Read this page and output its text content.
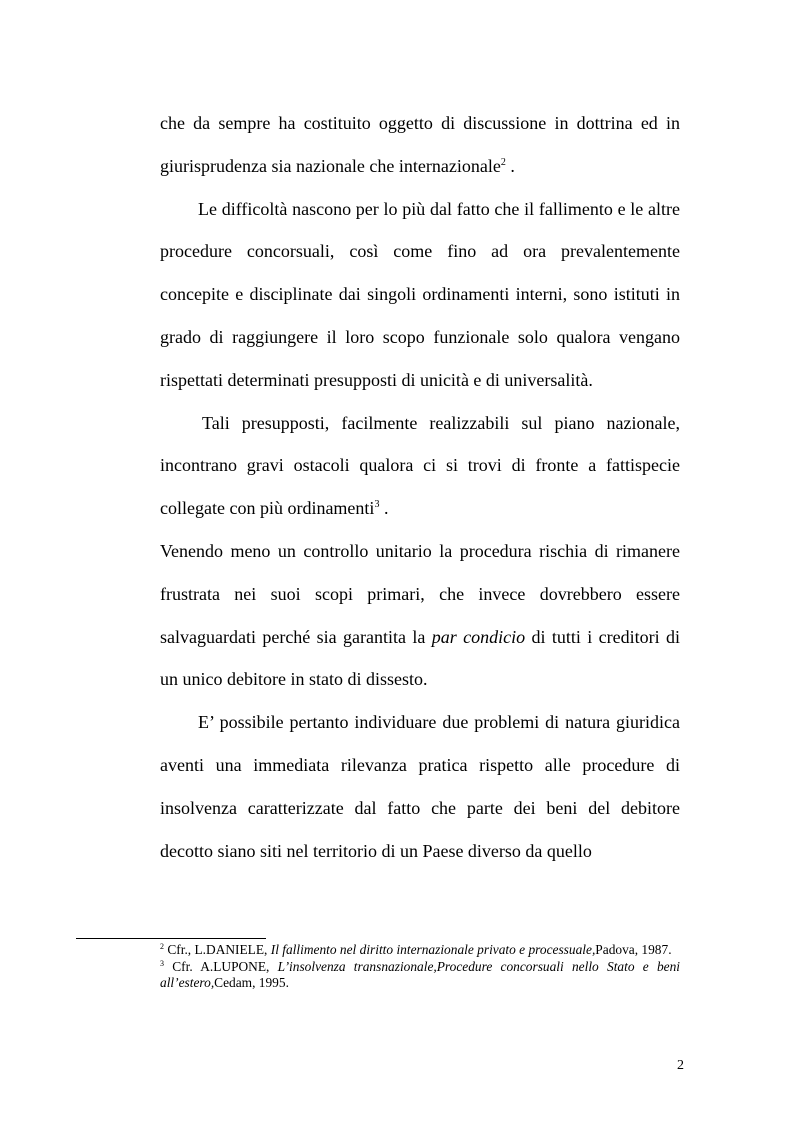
che da sempre ha costituito oggetto di discussione in dottrina ed in giurisprudenza sia nazionale che internazionale$^2$ .

Le difficoltà nascono per lo più dal fatto che il fallimento e le altre procedure concorsuali, così come fino ad ora prevalentemente concepite e disciplinate dai singoli ordinamenti interni, sono istituti in grado di raggiungere il loro scopo funzionale solo qualora vengano rispettati determinati presupposti di unicità e di universalità.

Tali presupposti, facilmente realizzabili sul piano nazionale, incontrano gravi ostacoli qualora ci si trovi di fronte a fattispecie collegate con più ordinamenti$^3$ .

Venendo meno un controllo unitario la procedura rischia di rimanere frustrata nei suoi scopi primari, che invece dovrebbero essere salvaguardati perché sia garantita la par condicio di tutti i creditori di un unico debitore in stato di dissesto.

E’ possibile pertanto individuare due problemi di natura giuridica aventi una immediata rilevanza pratica rispetto alle procedure di insolvenza caratterizzate dal fatto che parte dei beni del debitore decotto siano siti nel territorio di un Paese diverso da quello

$^2$ Cfr., L.DANIELE, Il fallimento nel diritto internazionale privato e processuale,Padova, 1987.

$^3$ Cfr. A.LUPONE, L’insolvenza transnazionale,Procedure concorsuali nello Stato e beni all’estero,Cedam, 1995.

2
